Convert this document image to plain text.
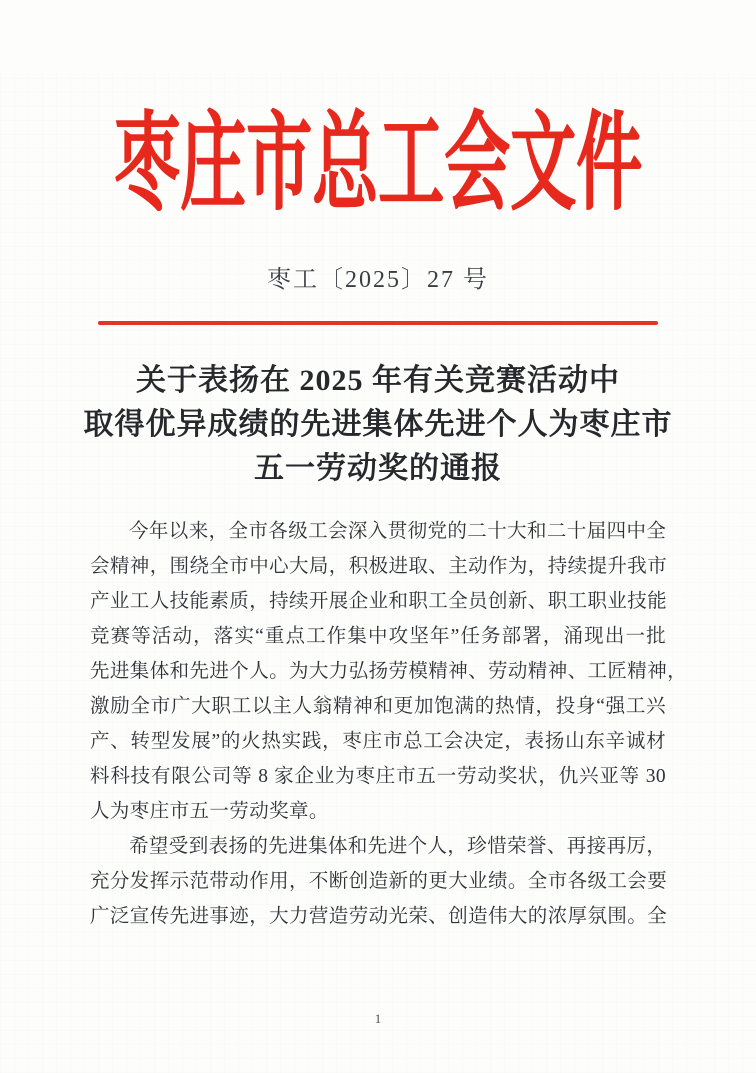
枣庄市总工会文件
枣工〔2025〕27 号
关于表扬在 2025 年有关竞赛活动中
取得优异成绩的先进集体先进个人为枣庄市
五一劳动奖的通报
今年以来，全市各级工会深入贯彻党的二十大和二十届四中全
会精神，围绕全市中心大局，积极进取、主动作为，持续提升我市
产业工人技能素质，持续开展企业和职工全员创新、职工职业技能
竞赛等活动，落实“重点工作集中攻坚年”任务部署，涌现出一批
先进集体和先进个人。为大力弘扬劳模精神、劳动精神、工匠精神，
激励全市广大职工以主人翁精神和更加饱满的热情，投身“强工兴
产、转型发展”的火热实践，枣庄市总工会决定，表扬山东辛诚材
料科技有限公司等 8 家企业为枣庄市五一劳动奖状，仇兴亚等 30
人为枣庄市五一劳动奖章。
希望受到表扬的先进集体和先进个人，珍惜荣誉、再接再厉，
充分发挥示范带动作用，不断创造新的更大业绩。全市各级工会要
广泛宣传先进事迹，大力营造劳动光荣、创造伟大的浓厚氛围。全
1
